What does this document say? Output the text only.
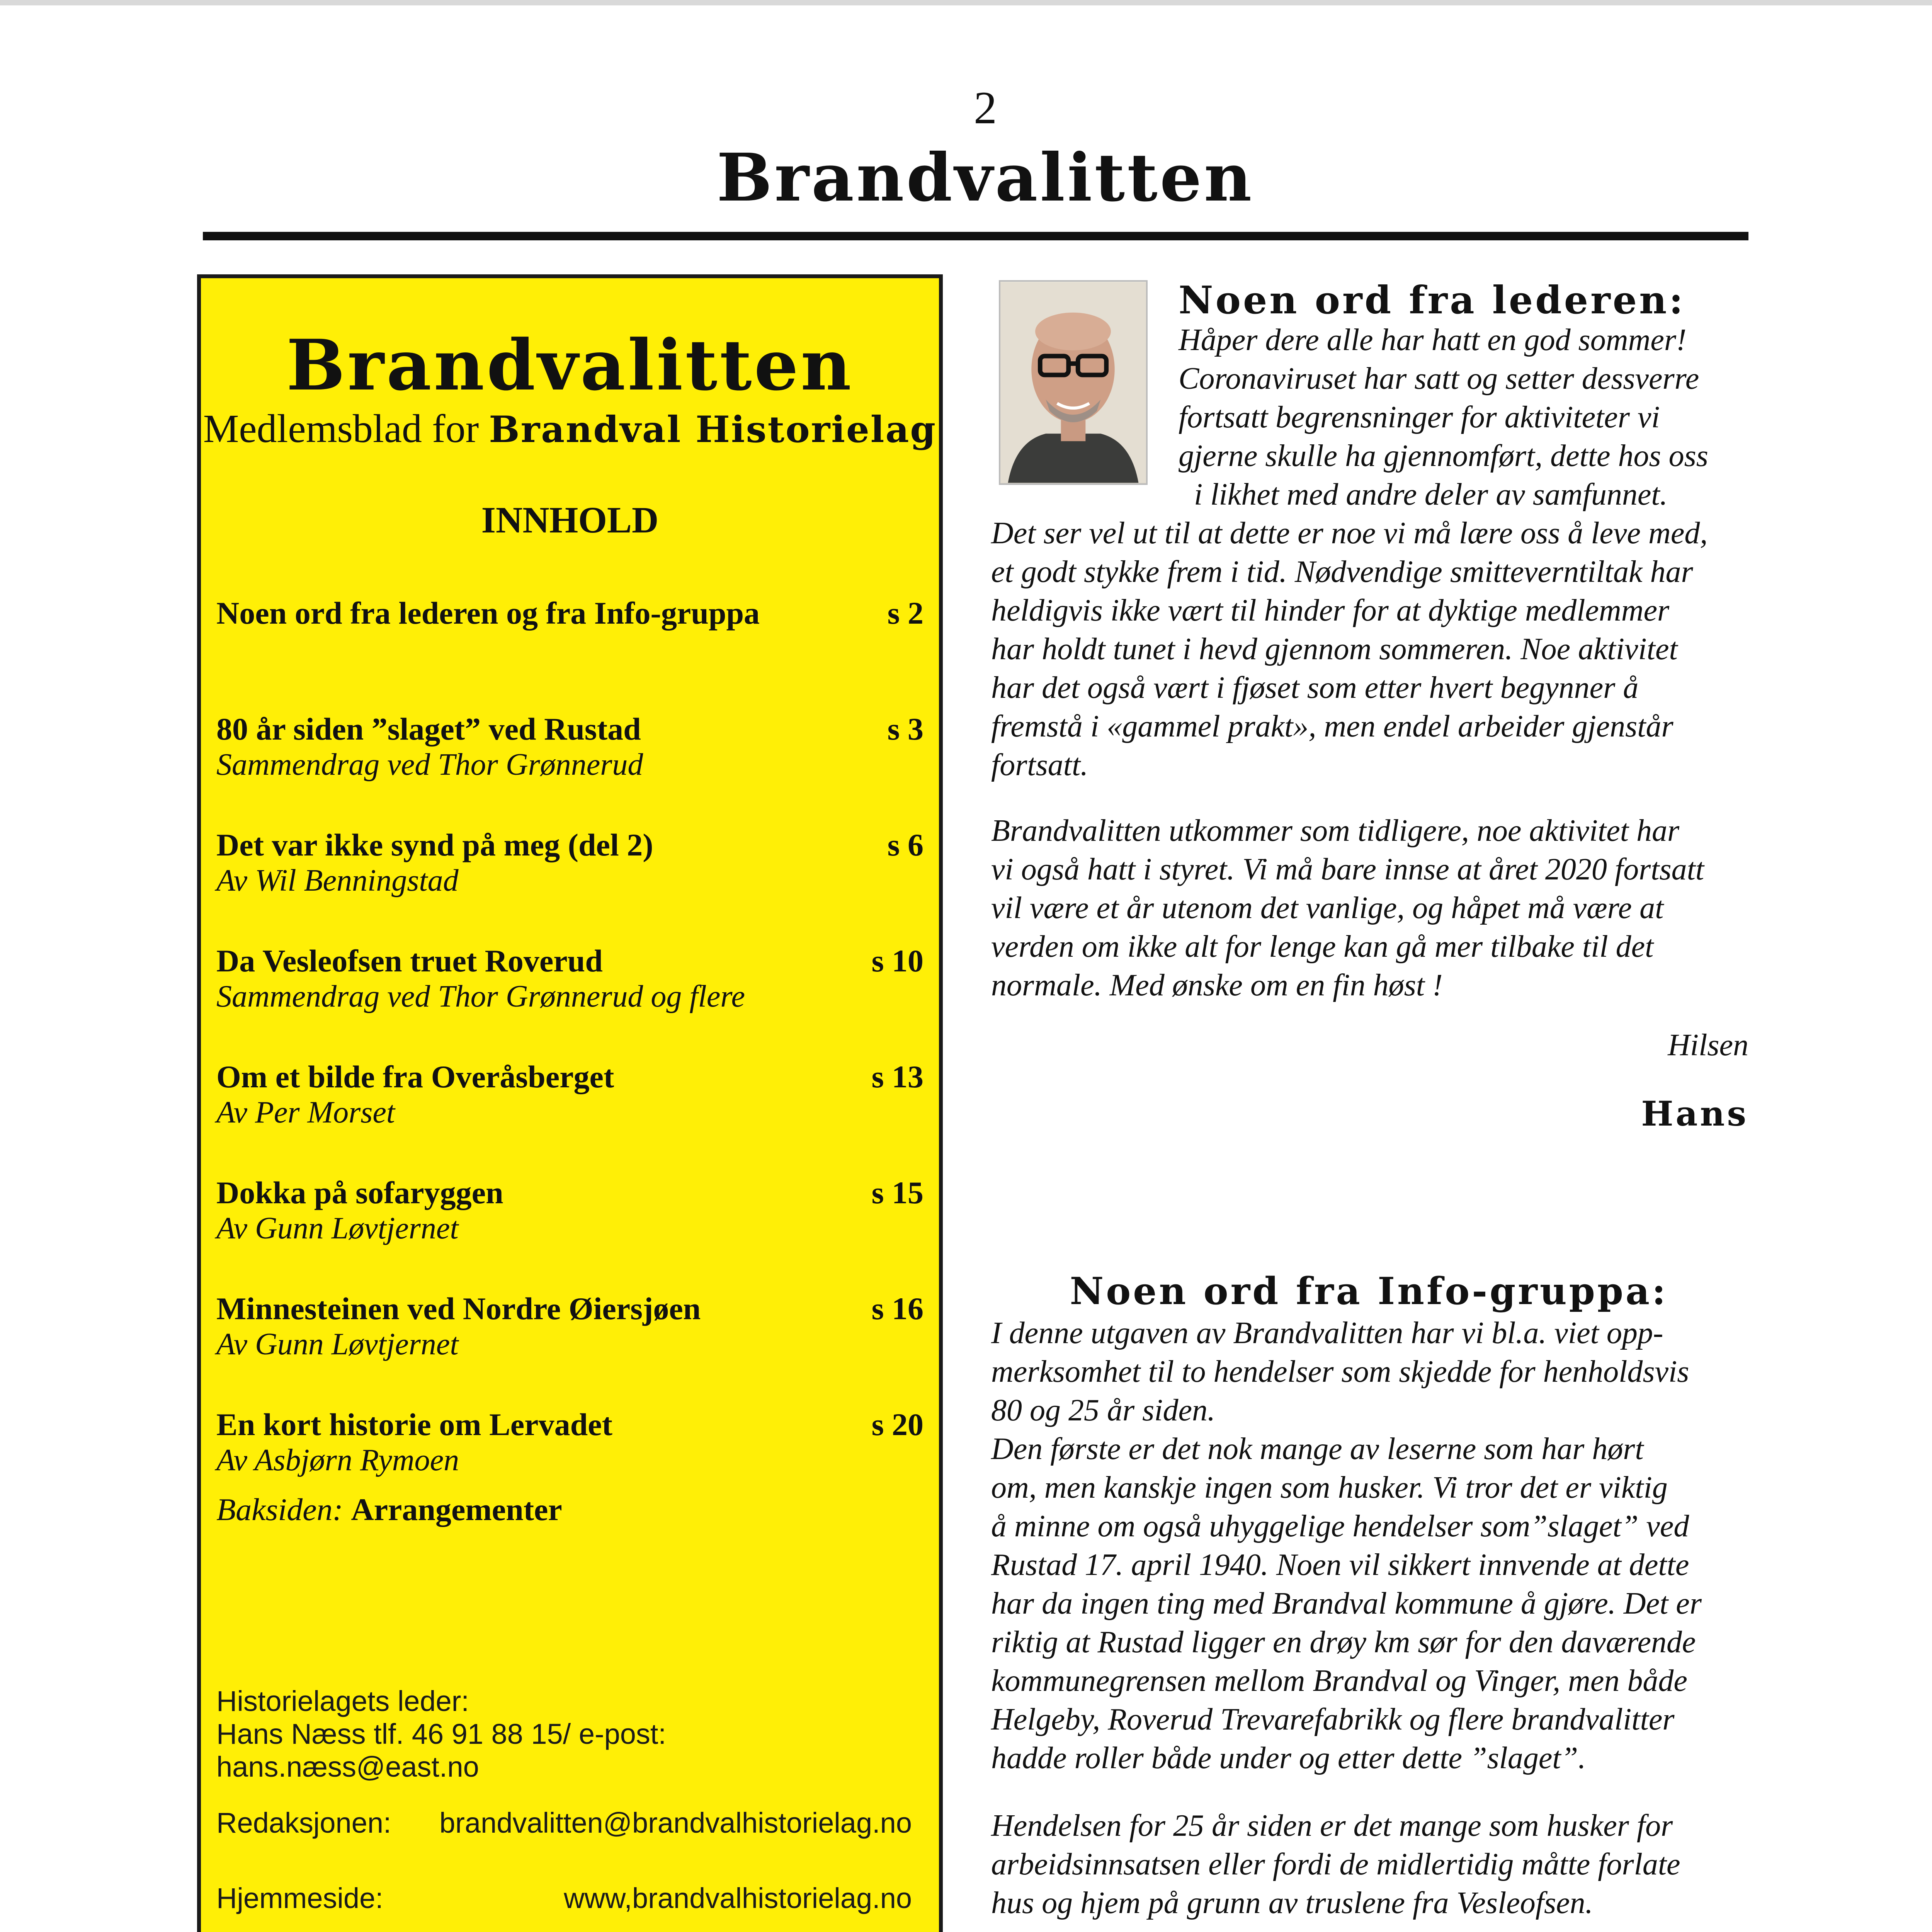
2
Brandvalitten
Brandvalitten
Medlemsblad for Brandval Historielag
INNHOLD
Noen ord fra lederen og fra Info-gruppa	s 2
80 år siden ”slaget” ved Rustad	s 3
Sammendrag ved Thor Grønnerud
Det var ikke synd på meg (del 2)	s 6
Av Wil Benningstad
Da Vesleofsen truet Roverud	s 10
Sammendrag ved Thor Grønnerud og flere
Om et bilde fra Overåsberget	s 13
Av Per Morset
Dokka på sofaryggen	s 15
Av Gunn Løvtjernet
Minnesteinen ved Nordre Øiersjøen	s 16
Av Gunn Løvtjernet
En kort historie om Lervadet	s 20
Av Asbjørn Rymoen
Baksiden: Arrangementer
Historielagets leder:
Hans Næss tlf. 46 91 88 15/ e-post: hans.næss@east.no
Redaksjonen: brandvalitten@brandvalhistorielag.no
Hjemmeside:	www,brandvalhistorielag.no
Noen ord fra lederen:
Håper dere alle har hatt en god sommer!
Coronaviruset har satt og setter dessverre
fortsatt begrensninger for aktiviteter vi
gjerne skulle ha gjennomført, dette hos oss
i likhet med andre deler av samfunnet.
Det ser vel ut til at dette er noe vi må lære oss å leve med,
et godt stykke frem i tid. Nødvendige smitteverntiltak har
heldigvis ikke vært til hinder for at dyktige medlemmer
har holdt tunet i hevd gjennom sommeren. Noe aktivitet
har det også vært i fjøset som etter hvert begynner å
fremstå i «gammel prakt», men endel arbeider gjenstår
fortsatt.
Brandvalitten utkommer som tidligere, noe aktivitet har
vi også hatt i styret. Vi må bare innse at året 2020 fortsatt
vil være et år utenom det vanlige, og håpet må være at
verden om ikke alt for lenge kan gå mer tilbake til det
normale. Med ønske om en fin høst !
Hilsen
Hans
Noen ord fra Info-gruppa:
I denne utgaven av Brandvalitten har vi bl.a. viet opp-
merksomhet til to hendelser som skjedde for henholdsvis
80 og 25 år siden.
Den første er det nok mange av leserne som har hørt
om, men kanskje ingen som husker. Vi tror det er viktig
å minne om også uhyggelige hendelser som”slaget” ved
Rustad 17. april 1940. Noen vil sikkert innvende at dette
har da ingen ting med Brandval kommune å gjøre. Det er
riktig at Rustad ligger en drøy km sør for den daværende
kommunegrensen mellom Brandval og Vinger, men både
Helgeby, Roverud Trevarefabrikk og flere brandvalitter
hadde roller både under og etter dette ”slaget”.
Hendelsen for 25 år siden er det mange som husker for
arbeidsinnsatsen eller fordi de midlertidig måtte forlate
hus og hjem på grunn av truslene fra Vesleofsen.
